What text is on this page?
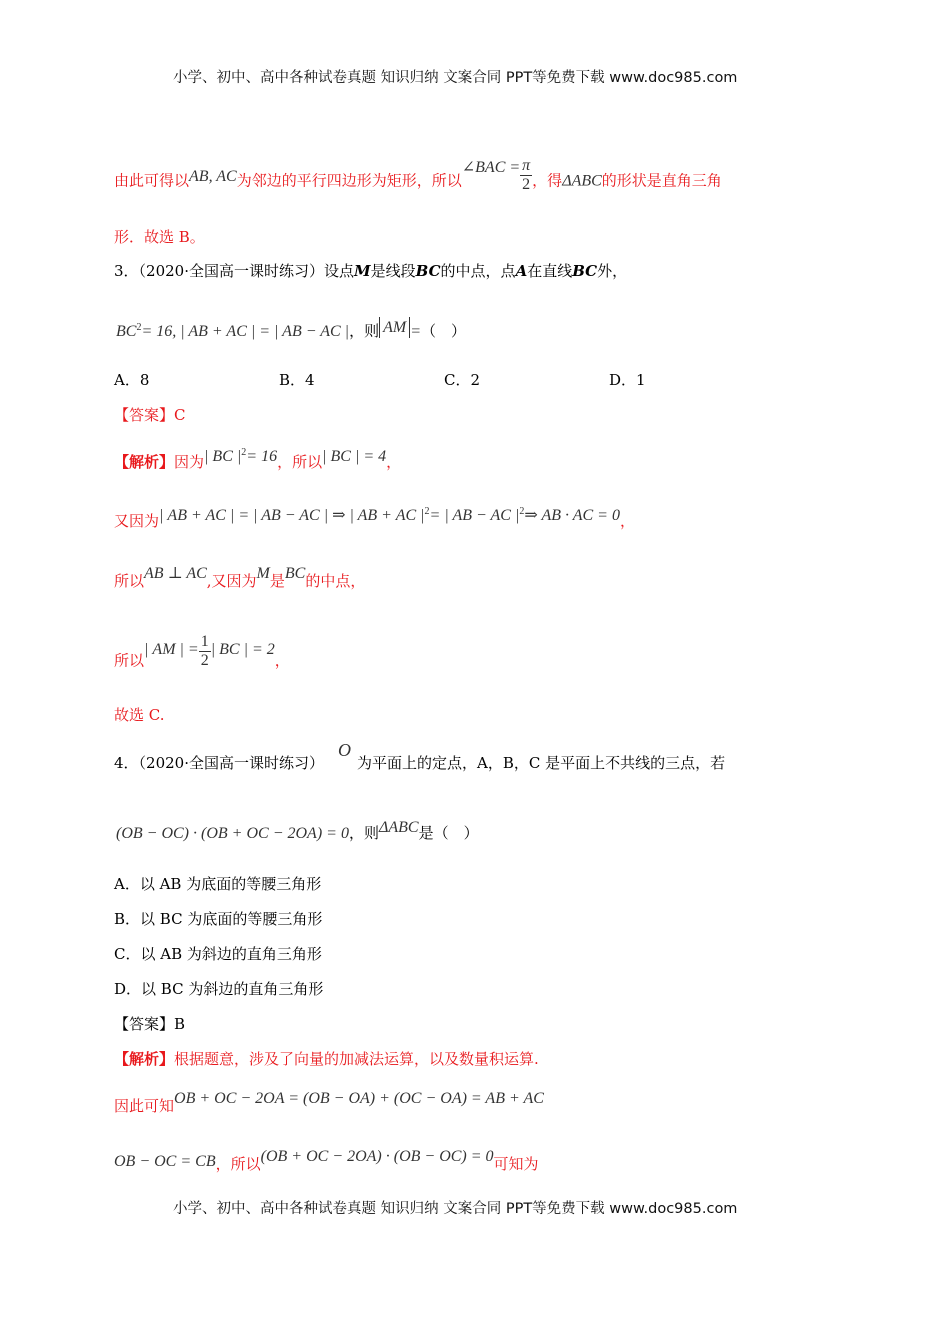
小学、初中、高中各种试卷真题 知识归纳 文案合同 PPT等免费下载 www.doc985.com
由此可得以AB, AC为邻边的平行四边形为矩形，所以∠BAC = $\frac{\pi}{2}$ ，得ΔABC的形状是直角三角
形．故选 B。
3．（2020·全国高一课时练习）设点M是线段BC的中点，点A在直线BC外，
$BC^2= 16$, | AB + AC | = | AB − AC |，则 AM =（　）
A．8	B．4	C．2	D．1
【答案】C
【解析】因为| BC $|^2= 16$，所以| BC | = 4，
又因为| AB + AC | = | AB − AC | ⇒ | AB + AC $|^2=$ | AB − AC $|^2\Rightarrow$ AB · AC = 0，
所以AB ⊥ AC,又因为M是BC的中点，
所以| AM | = $\frac{1}{2}$ | BC | = 2，
故选 C.
4．（2020·全国高一课时练习）O为平面上的定点，A，B，C 是平面上不共线的三点，若
(OB − OC) · (OB + OC − 2OA) = 0，则ΔABC是（　）
A．以 AB 为底面的等腰三角形
B．以 BC 为底面的等腰三角形
C．以 AB 为斜边的直角三角形
D．以 BC 为斜边的直角三角形
【答案】B
【解析】根据题意，涉及了向量的加减法运算，以及数量积运算.
因此可知OB + OC − 2OA = (OB − OA) + (OC − OA) = AB + AC
OB − OC = CB，所以(OB + OC − 2OA) · (OB − OC) = 0可知为
小学、初中、高中各种试卷真题 知识归纳 文案合同 PPT等免费下载 www.doc985.com
